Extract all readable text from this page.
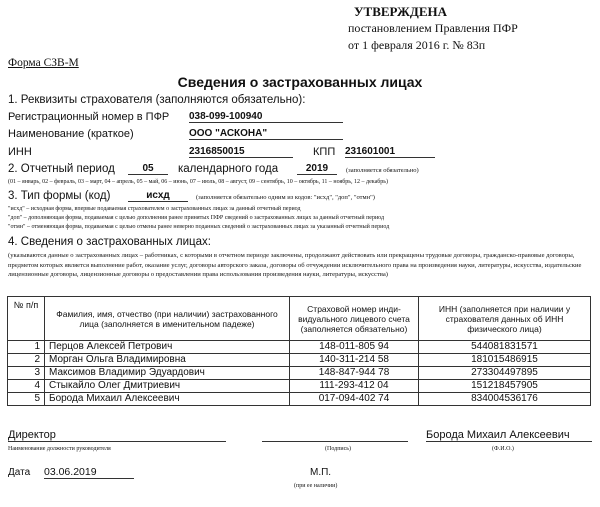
УТВЕРЖДЕНА
постановлением Правления ПФР
от 1 февраля 2016 г. № 83п
Форма СЗВ-М
Сведения о застрахованных лицах
1. Реквизиты страхователя (заполняются обязательно):
Регистрационный номер в ПФР 038-099-100940
Наименование (краткое)	ООО "АСКОНА"
ИНН	2316850015	КПП 231601001
2. Отчетный период	05	календарного года	2019	(заполняется обязательно)
(01 – январь, 02 – февраль, 03 – март, 04 – апрель, 05 – май, 06 – июнь, 07 – июль, 08 – август, 09 – сентябрь, 10 – октябрь, 11 – ноябрь, 12 – декабрь)
3. Тип формы (код)	исхд	(заполняется обязательно одним из кодов: "исхд", "доп", "отмн")
"исхд" – исходная форма, впервые подаваемая страхователем о застрахованных лицах за данный отчетный период
"доп" – дополняющая форма, подаваемая с целью дополнения ранее принятых ПФР сведений о застрахованных лицах за данный отчетный период
"отмн" – отменяющая форма, подаваемая с целью отмены ранее неверно поданных сведений о застрахованных лицах за указанный отчетный период
4. Сведения о застрахованных лицах:
(указываются данные о застрахованных лицах – работниках, с которыми в отчетном периоде заключены, продолжают действовать или прекращены трудовые договоры, гражданско-правовые договоры, предметом которых является выполнение работ, оказание услуг, договоры авторского заказа, договоры об отчуждении исключительного права на произведения науки, литературы, искусства, издательские лицензионные договоры, лицензионные договоры о предоставлении права использования произведения науки, литературы, искусства)
№ п/п	Фамилия, имя, отчество (при наличии) застрахованного лица (заполняется в именительном падеже)	Страховой номер инди-видуального лицевого счета (заполняется обязательно)	ИНН (заполняется при наличии у страхователя данных об ИНН физического лица)
1	Перцов Алексей Петрович	148-011-805 94	544081831571
2	Морган Ольга Владимировна	140-311-214 58	181015486915
3	Максимов Владимир Эдуардович	148-847-944 78	273304497895
4	Стыкайло Олег Дмитриевич	111-293-412 04	151218457905
5	Борода Михаил Алексеевич	017-094-402 74	834004536176
Директор
Наименование должности руководителя	(Подпись)
Борода Михаил Алексеевич
(Ф.И.О.)
Дата 03.06.2019	М.П.
(при ее наличии)
